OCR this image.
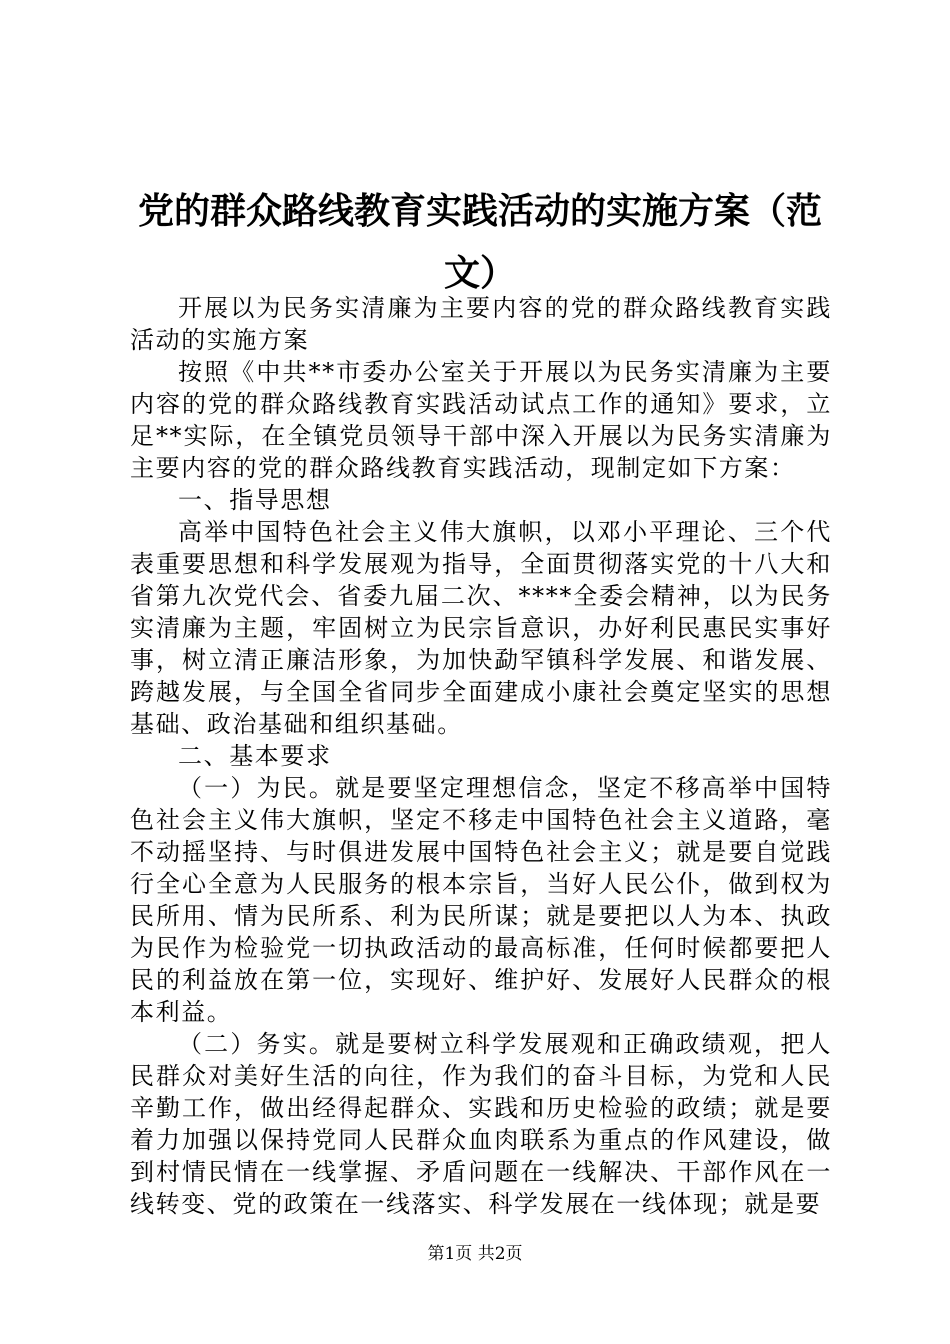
党的群众路线教育实践活动的实施方案（范文）

开展以为民务实清廉为主要内容的党的群众路线教育实践活动的实施方案

按照《中共**市委办公室关于开展以为民务实清廉为主要内容的党的群众路线教育实践活动试点工作的通知》要求，立足**实际，在全镇党员领导干部中深入开展以为民务实清廉为主要内容的党的群众路线教育实践活动，现制定如下方案：

一、指导思想

高举中国特色社会主义伟大旗帜，以邓小平理论、三个代表重要思想和科学发展观为指导，全面贯彻落实党的十八大和省第九次党代会、省委九届二次、****全委会精神，以为民务实清廉为主题，牢固树立为民宗旨意识，办好利民惠民实事好事，树立清正廉洁形象，为加快勐罕镇科学发展、和谐发展、跨越发展，与全国全省同步全面建成小康社会奠定坚实的思想基础、政治基础和组织基础。

二、基本要求

（一）为民。就是要坚定理想信念，坚定不移高举中国特色社会主义伟大旗帜，坚定不移走中国特色社会主义道路，毫不动摇坚持、与时俱进发展中国特色社会主义；就是要自觉践行全心全意为人民服务的根本宗旨，当好人民公仆，做到权为民所用、情为民所系、利为民所谋；就是要把以人为本、执政为民作为检验党一切执政活动的最高标准，任何时候都要把人民的利益放在第一位，实现好、维护好、发展好人民群众的根本利益。

（二）务实。就是要树立科学发展观和正确政绩观，把人民群众对美好生活的向往，作为我们的奋斗目标，为党和人民辛勤工作，做出经得起群众、实践和历史检验的政绩；就是要着力加强以保持党同人民群众血肉联系为重点的作风建设，做到村情民情在一线掌握、矛盾问题在一线解决、干部作风在一线转变、党的政策在一线落实、科学发展在一线体现；就是要

第1页 共2页
